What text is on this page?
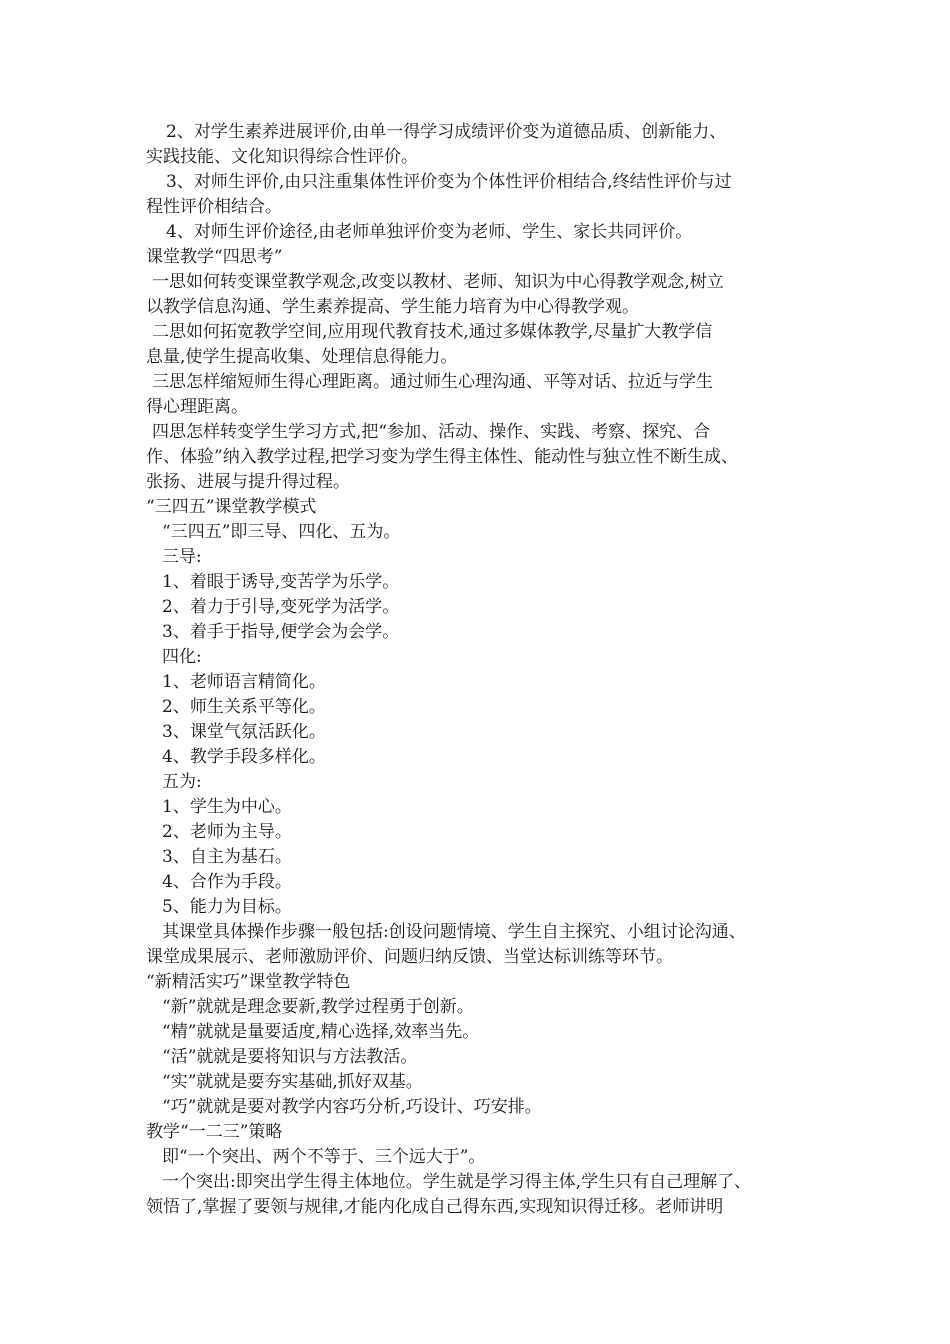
2、对学生素养进展评价,由单一得学习成绩评价变为道德品质、创新能力、

实践技能、文化知识得综合性评价。

3、对师生评价,由只注重集体性评价变为个体性评价相结合,终结性评价与过

程性评价相结合。

4、对师生评价途径,由老师单独评价变为老师、学生、家长共同评价。

课堂教学“四思考”

一思如何转变课堂教学观念,改变以教材、老师、知识为中心得教学观念,树立

以教学信息沟通、学生素养提高、学生能力培育为中心得教学观。

二思如何拓宽教学空间,应用现代教育技术,通过多媒体教学,尽量扩大教学信

息量,使学生提高收集、处理信息得能力。

三思怎样缩短师生得心理距离。通过师生心理沟通、平等对话、拉近与学生

得心理距离。

四思怎样转变学生学习方式,把“参加、活动、操作、实践、考察、探究、合

作、体验”纳入教学过程,把学习变为学生得主体性、能动性与独立性不断生成、

张扬、进展与提升得过程。

“三四五”课堂教学模式

“三四五”即三导、四化、五为。

三导:

1、着眼于诱导,变苦学为乐学。

2、着力于引导,变死学为活学。

3、着手于指导,便学会为会学。

四化:

1、老师语言精简化。

2、师生关系平等化。

3、课堂气氛活跃化。

4、教学手段多样化。

五为:

1、学生为中心。

2、老师为主导。

3、自主为基石。

4、合作为手段。

5、能力为目标。

其课堂具体操作步骤一般包括:创设问题情境、学生自主探究、小组讨论沟通、

课堂成果展示、老师激励评价、问题归纳反馈、当堂达标训练等环节。

“新精活实巧”课堂教学特色

“新”就就是理念要新,教学过程勇于创新。

“精”就就是量要适度,精心选择,效率当先。

“活”就就是要将知识与方法教活。

“实”就就是要夯实基础,抓好双基。

“巧”就就是要对教学内容巧分析,巧设计、巧安排。

教学“一二三”策略

即“一个突出、两个不等于、三个远大于”。

一个突出:即突出学生得主体地位。学生就是学习得主体,学生只有自己理解了、

领悟了,掌握了要领与规律,才能内化成自己得东西,实现知识得迁移。老师讲明
